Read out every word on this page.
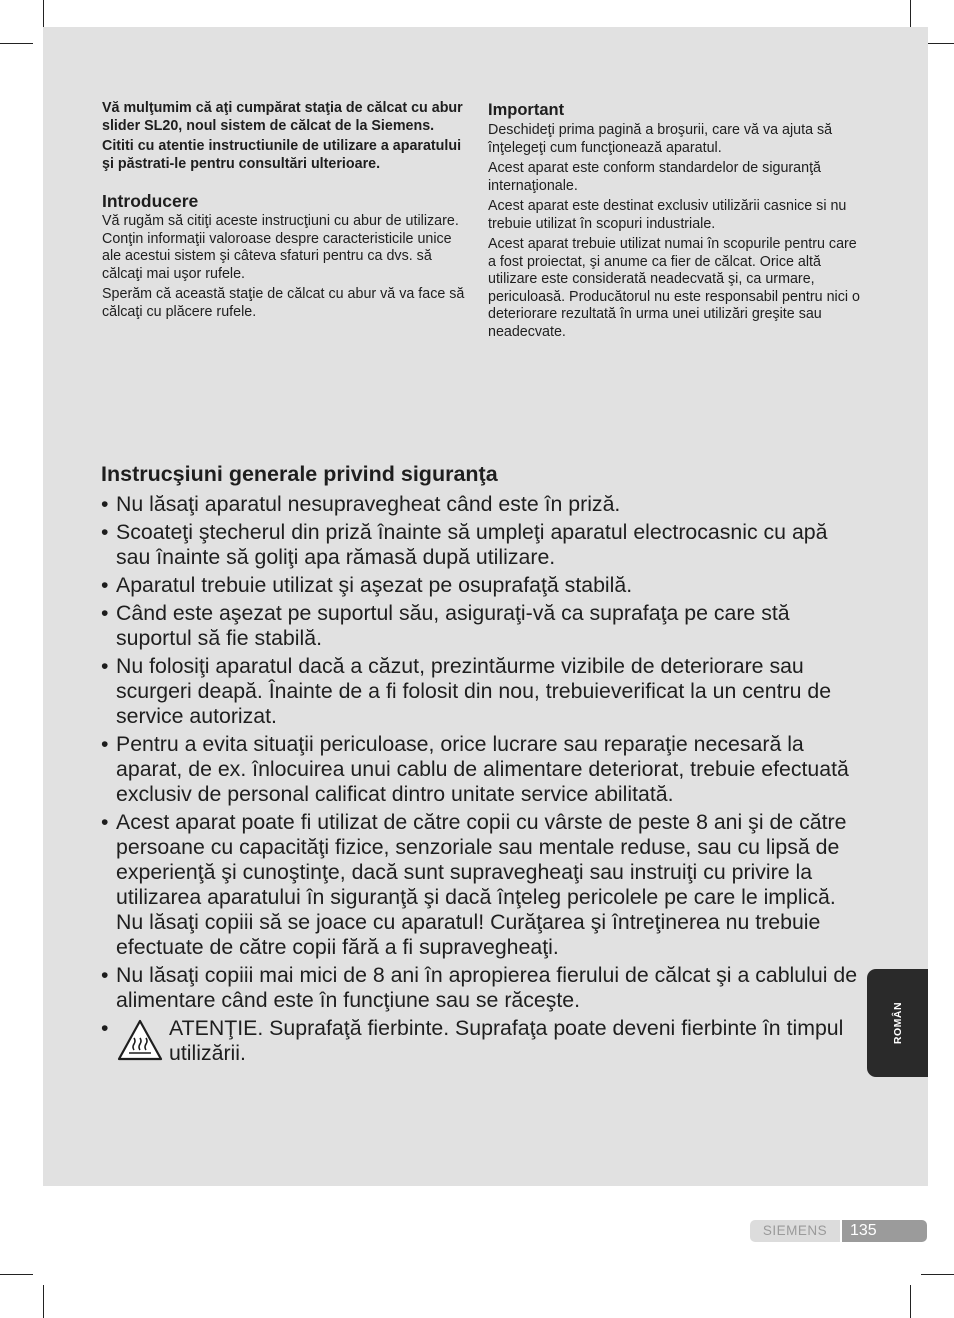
Vă mulţumim că aţi cumpărat staţia de călcat cu abur slider SL20, noul sistem de călcat de la Siemens.

Cititi cu atentie instructiunile de utilizare a aparatului şi păstrati-le pentru consultări ulterioare.

Introducere

Vă rugăm să citiţi aceste instrucţiuni cu abur de utilizare. Conţin informaţii valoroase despre caracteristicile unice ale acestui sistem şi câteva sfaturi pentru ca dvs. să călcaţi mai uşor rufele.

Sperăm că această staţie de călcat cu abur vă va face să călcaţi cu plăcere rufele.

Important

Deschideţi prima pagină a broşurii, care vă va ajuta să înţelegeţi cum funcţionează aparatul.

Acest aparat este conform standardelor de siguranţă internaţionale.

Acest aparat este destinat exclusiv utilizării casnice si nu trebuie utilizat în scopuri industriale.

Acest aparat trebuie utilizat numai în scopurile pentru care a fost proiectat, şi anume ca fier de călcat. Orice altă utilizare este considerată neadecvată şi, ca urmare, periculoasă. Producătorul nu este responsabil pentru nici o deteriorare rezultată în urma unei utilizări greşite sau neadecvate.

Instrucşiuni generale privind siguranţa
• Nu lăsaţi aparatul nesupravegheat când este în priză.
• Scoateţi ştecherul din priză înainte să umpleţi aparatul electrocasnic cu apă sau înainte să goliţi apa rămasă după utilizare.
• Aparatul trebuie utilizat şi aşezat pe osuprafaţă stabilă.
• Când este aşezat pe suportul său, asiguraţi-vă ca suprafaţa pe care stă suportul să fie stabilă.
• Nu folosiţi aparatul dacă a căzut, prezintăurme vizibile de deteriorare sau scurgeri deapă. Înainte de a fi folosit din nou, trebuieverificat la un centru de service autorizat.
• Pentru a evita situaţii periculoase, orice lucrare sau reparaţie necesară la aparat, de ex. înlocuirea unui cablu de alimentare deteriorat, trebuie efectuată exclusiv de personal calificat dintro unitate service abilitată.
• Acest aparat poate fi utilizat de către copii cu vârste de peste 8 ani şi de către persoane cu capacităţi fizice, senzoriale sau mentale reduse, sau cu lipsă de experienţă şi cunoştinţe, dacă sunt supravegheaţi sau instruiţi cu privire la utilizarea aparatului în siguranţă şi dacă înţeleg pericolele pe care le implică. Nu lăsaţi copiii să se joace cu aparatul! Curăţarea şi întreţinerea nu trebuie efectuate de către copii fără a fi supravegheaţi.
• Nu lăsaţi copiii mai mici de 8 ani în apropierea fierului de călcat şi a cablului de alimentare când este în funcţiune sau se răceşte.
• ATENŢIE. Suprafaţă fierbinte. Suprafaţa poate deveni fierbinte în timpul utilizării.
ROMÂN
SIEMENS	135
